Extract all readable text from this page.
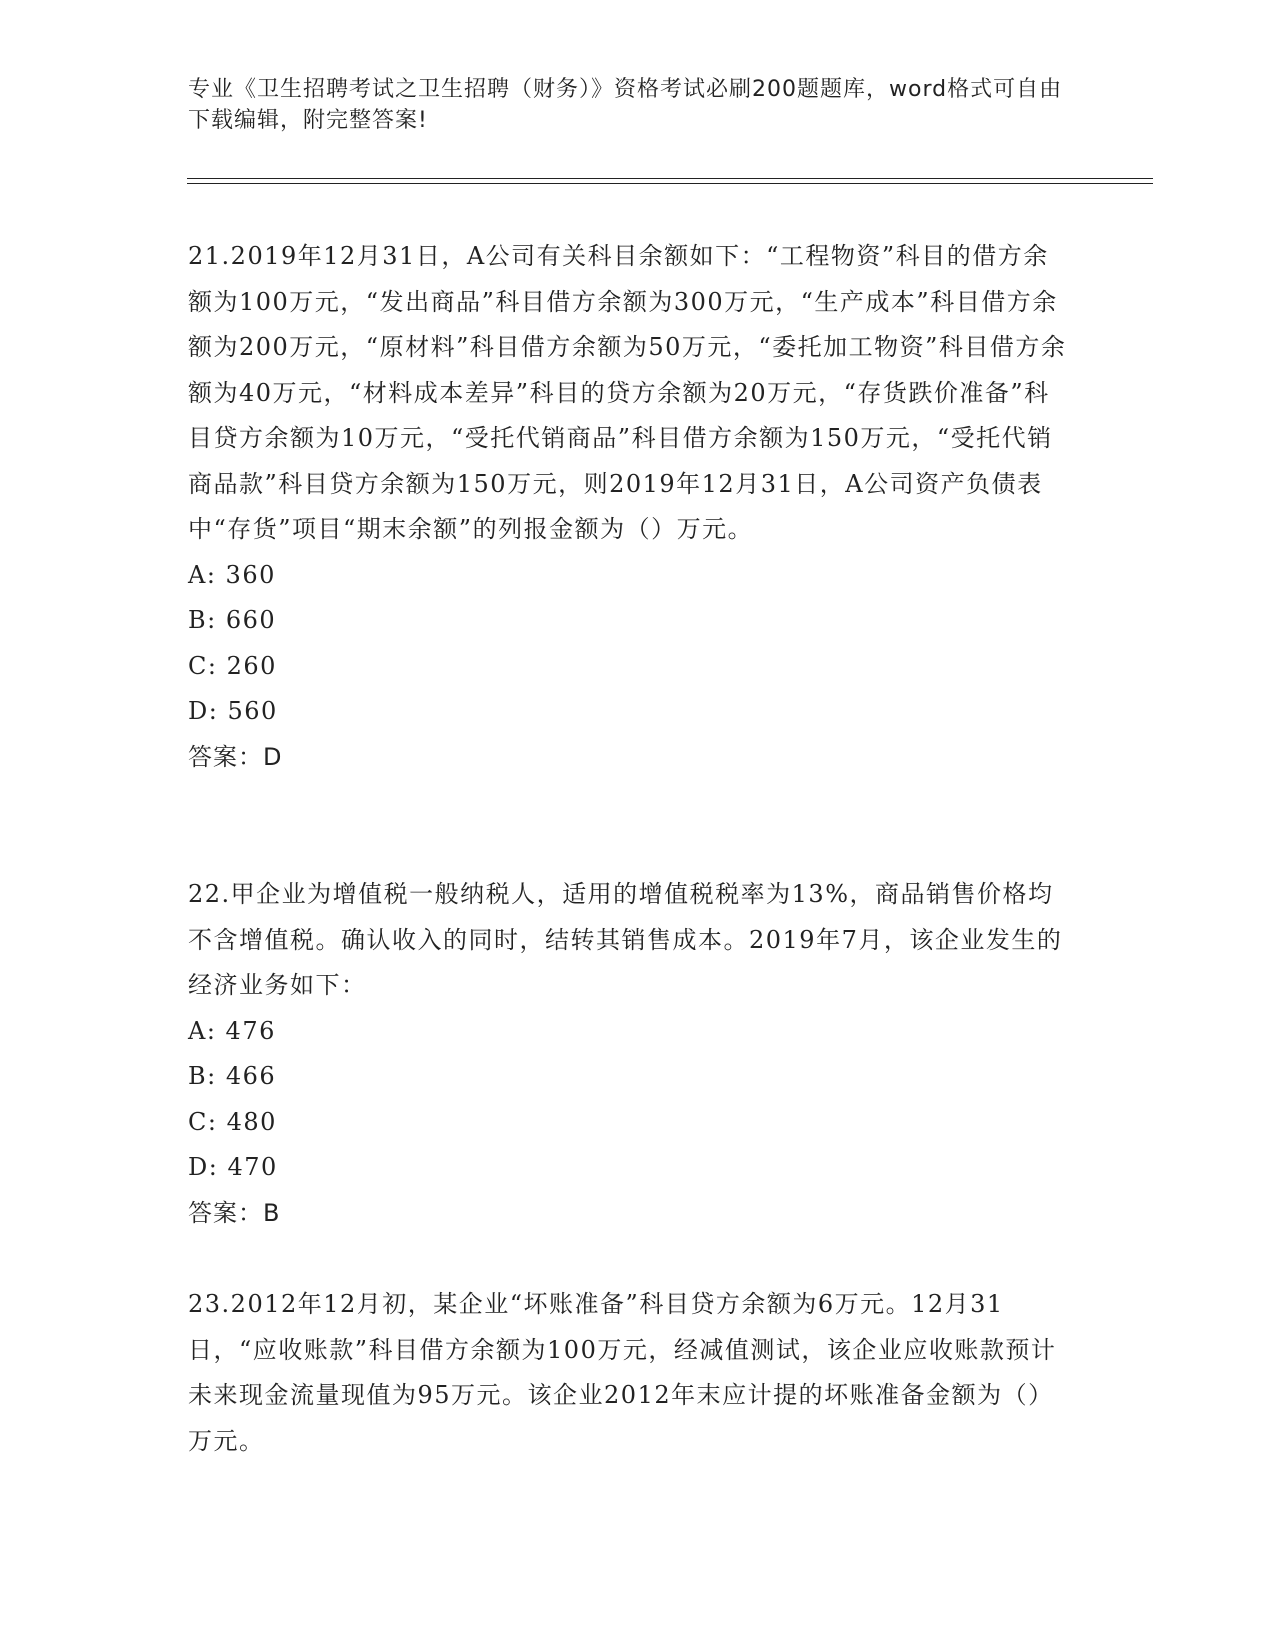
专业《卫生招聘考试之卫生招聘（财务）》资格考试必刷200题题库，word格式可自由下载编辑，附完整答案!

21.2019年12月31日，A公司有关科目余额如下：“工程物资”科目的借方余额为100万元，“发出商品”科目借方余额为300万元，“生产成本”科目借方余额为200万元，“原材料”科目借方余额为50万元，“委托加工物资”科目借方余额为40万元，“材料成本差异”科目的贷方余额为20万元，“存货跌价准备”科目贷方余额为10万元，“受托代销商品”科目借方余额为150万元，“受托代销商品款”科目贷方余额为150万元，则2019年12月31日，A公司资产负债表中“存货”项目“期末余额”的列报金额为（）万元。

A: 360

B: 660

C: 260

D: 560

答案：D

22.甲企业为增值税一般纳税人，适用的增值税税率为13%，商品销售价格均不含增值税。确认收入的同时，结转其销售成本。2019年7月，该企业发生的经济业务如下：

A: 476

B: 466

C: 480

D: 470

答案：B

23.2012年12月初，某企业“坏账准备”科目贷方余额为6万元。12月31日，“应收账款”科目借方余额为100万元，经减值测试，该企业应收账款预计未来现金流量现值为95万元。该企业2012年末应计提的坏账准备金额为（）万元。
